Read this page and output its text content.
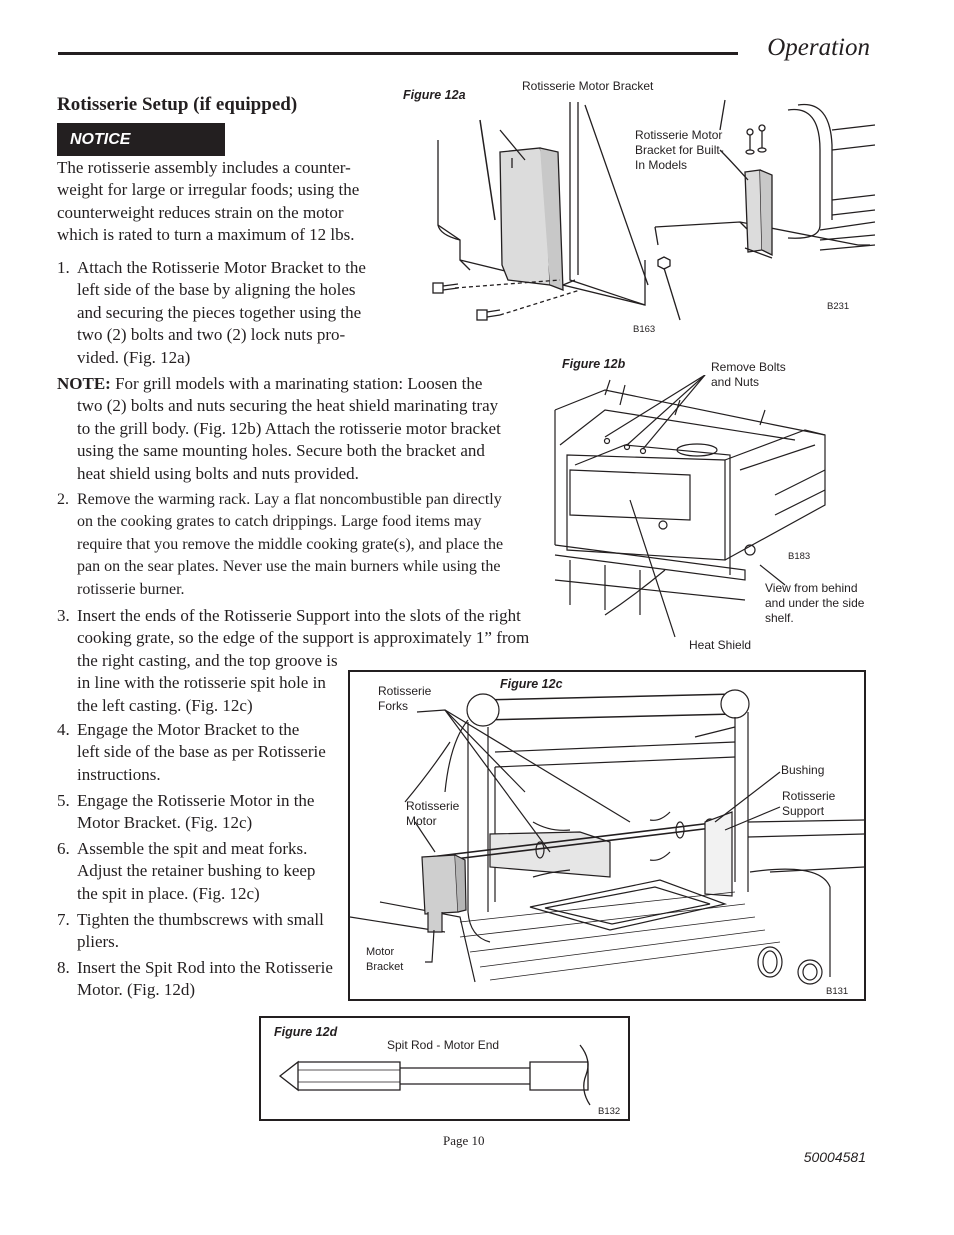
Operation
Rotisserie Setup (if equipped)
NOTICE
The rotisserie assembly includes a counter-
weight for large or irregular foods; using the
counterweight reduces strain on the motor
which is rated to turn a maximum of 12 lbs.
1. Attach the Rotisserie Motor Bracket to the
left side of the base by aligning the holes
and securing the pieces together using the
two (2) bolts and two (2) lock nuts pro-
vided. (Fig. 12a)
NOTE: For grill models with a marinating station: Loosen the
two (2) bolts and nuts securing the heat shield marinating tray
to the grill body. (Fig. 12b) Attach the rotisserie motor bracket
using the same mounting holes. Secure both the bracket and
heat shield using bolts and nuts provided.
2. Remove the warming rack. Lay a flat noncombustible pan directly
on the cooking grates to catch drippings. Large food items may
require that you remove the middle cooking grate(s), and place the
pan on the sear plates. Never use the main burners while using the
rotisserie burner.
3. Insert the ends of the Rotisserie Support into the slots of the right
cooking grate, so the edge of the support is approximately 1” from
the right casting, and the top groove is
in line with the rotisserie spit hole in
the left casting. (Fig. 12c)
4. Engage the Motor Bracket to the
left side of the base as per Rotisserie
instructions.
5. Engage the Rotisserie Motor in the
Motor Bracket. (Fig. 12c)
6. Assemble the spit and meat forks.
Adjust the retainer bushing to keep
the spit in place. (Fig. 12c)
7. Tighten the thumbscrews with small
pliers.
8. Insert the Spit Rod into the Rotisserie
Motor. (Fig. 12d)
Figure 12a
Rotisserie Motor Bracket
Rotisserie Motor
Bracket for Built-
In Models
B163
B231
Figure 12b	Remove Bolts
and Nuts
B183
View from behind
and under the side
shelf.
Heat Shield
Figure 12c
Rotisserie
Forks
Rotisserie
Motor
Motor
Bracket
Bushing
Rotisserie
Support
B131
Figure 12d
Spit Rod - Motor End
B132
Page 10
50004581
